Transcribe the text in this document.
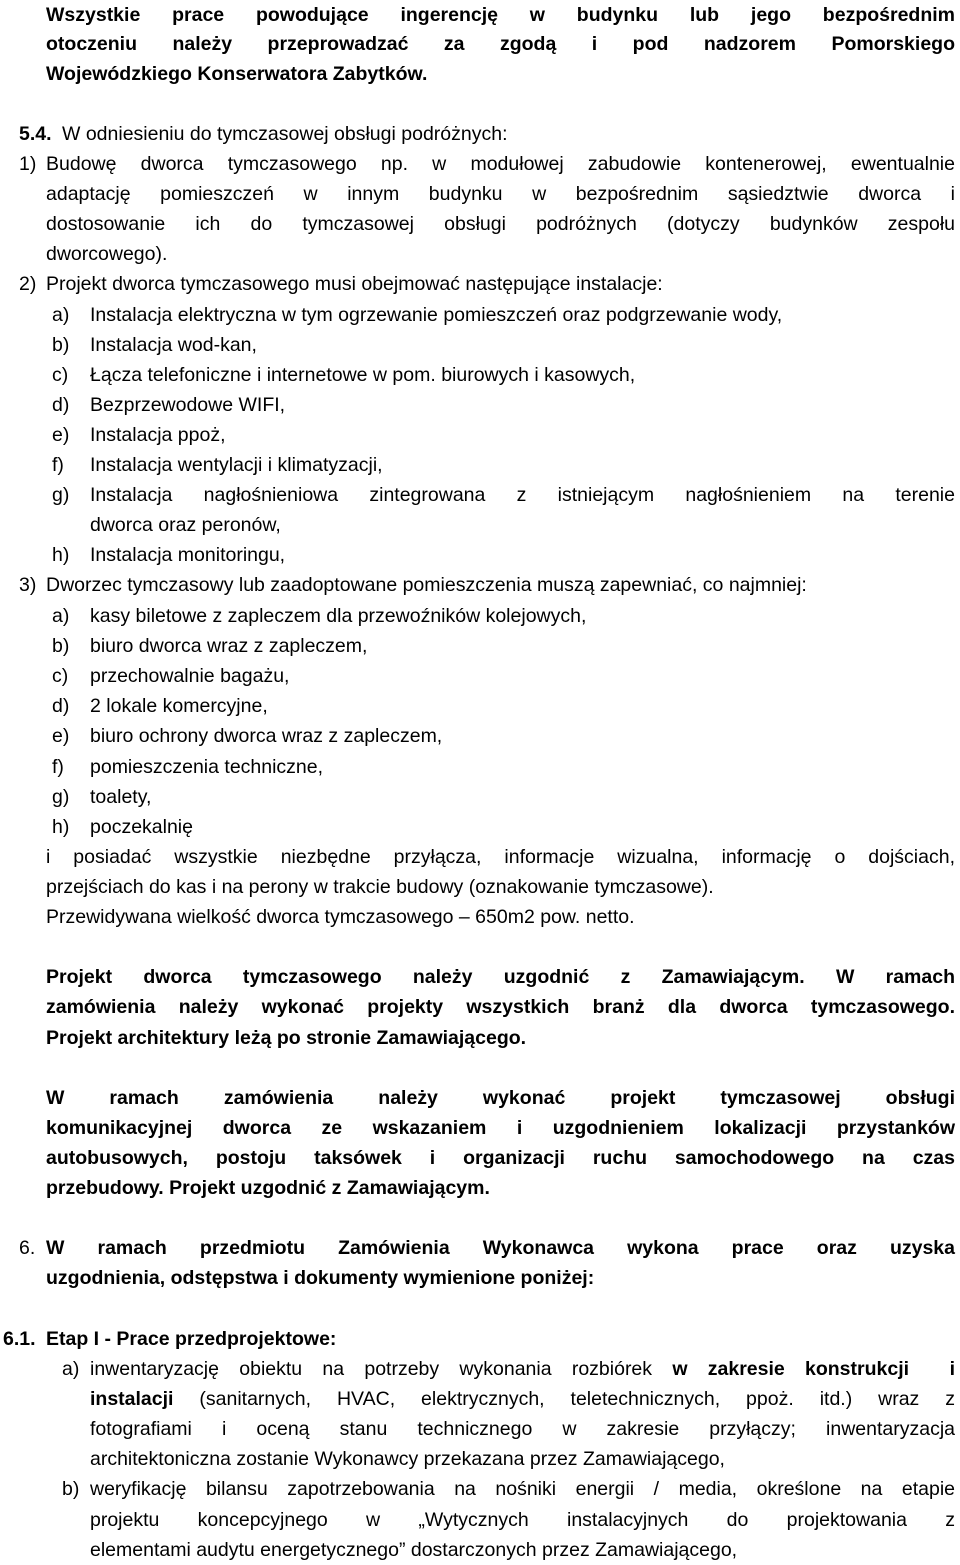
Wszystkie prace powodujące ingerencję w budynku lub jego bezpośrednim
otoczeniu należy przeprowadzać za zgodą i pod nadzorem Pomorskiego
Wojewódzkiego Konserwatora Zabytków.
5.4. W odniesieniu do tymczasowej obsługi podróżnych:
1) Budowę dworca tymczasowego np. w modułowej zabudowie kontenerowej, ewentualnie
adaptację pomieszczeń w innym budynku w bezpośrednim sąsiedztwie dworca i
dostosowanie ich do tymczasowej obsługi podróżnych (dotyczy budynków zespołu
dworcowego).
2) Projekt dworca tymczasowego musi obejmować następujące instalacje:
a) Instalacja elektryczna w tym ogrzewanie pomieszczeń oraz podgrzewanie wody,
b) Instalacja wod-kan,
c) Łącza telefoniczne i internetowe w pom. biurowych i kasowych,
d) Bezprzewodowe WIFI,
e) Instalacja ppoż,
f) Instalacja wentylacji i klimatyzacji,
g) Instalacja nagłośnieniowa zintegrowana z istniejącym nagłośnieniem na terenie
dworca oraz peronów,
h) Instalacja monitoringu,
3) Dworzec tymczasowy lub zaadoptowane pomieszczenia muszą zapewniać, co najmniej:
a) kasy biletowe z zapleczem dla przewoźników kolejowych,
b) biuro dworca wraz z zapleczem,
c) przechowalnie bagażu,
d) 2 lokale komercyjne,
e) biuro ochrony dworca wraz z zapleczem,
f) pomieszczenia techniczne,
g) toalety,
h) poczekalnię
i posiadać wszystkie niezbędne przyłącza, informacje wizualna, informację o dojściach,
przejściach do kas i na perony w trakcie budowy (oznakowanie tymczasowe).
Przewidywana wielkość dworca tymczasowego – 650m2 pow. netto.
Projekt dworca tymczasowego należy uzgodnić z Zamawiającym. W ramach
zamówienia należy wykonać projekty wszystkich branż dla dworca tymczasowego.
Projekt architektury leżą po stronie Zamawiającego.
W ramach zamówienia należy wykonać projekt tymczasowej obsługi
komunikacyjnej dworca ze wskazaniem i uzgodnieniem lokalizacji przystanków
autobusowych, postoju taksówek i organizacji ruchu samochodowego na czas
przebudowy. Projekt uzgodnić z Zamawiającym.
6. W ramach przedmiotu Zamówienia Wykonawca wykona prace oraz uzyska
uzgodnienia, odstępstwa i dokumenty wymienione poniżej:
6.1. Etap I - Prace przedprojektowe:
a) inwentaryzację obiektu na potrzeby wykonania rozbiórek w zakresie konstrukcji  i
instalacji (sanitarnych, HVAC, elektrycznych, teletechnicznych, ppoż. itd.) wraz z
fotografiami i oceną stanu technicznego w zakresie przyłączy; inwentaryzacja
architektoniczna zostanie Wykonawcy przekazana przez Zamawiającego,
b) weryfikację bilansu zapotrzebowania na nośniki energii / media, określone na etapie
projektu koncepcyjnego w „Wytycznych instalacyjnych do projektowania z
elementami audytu energetycznego” dostarczonych przez Zamawiającego,
